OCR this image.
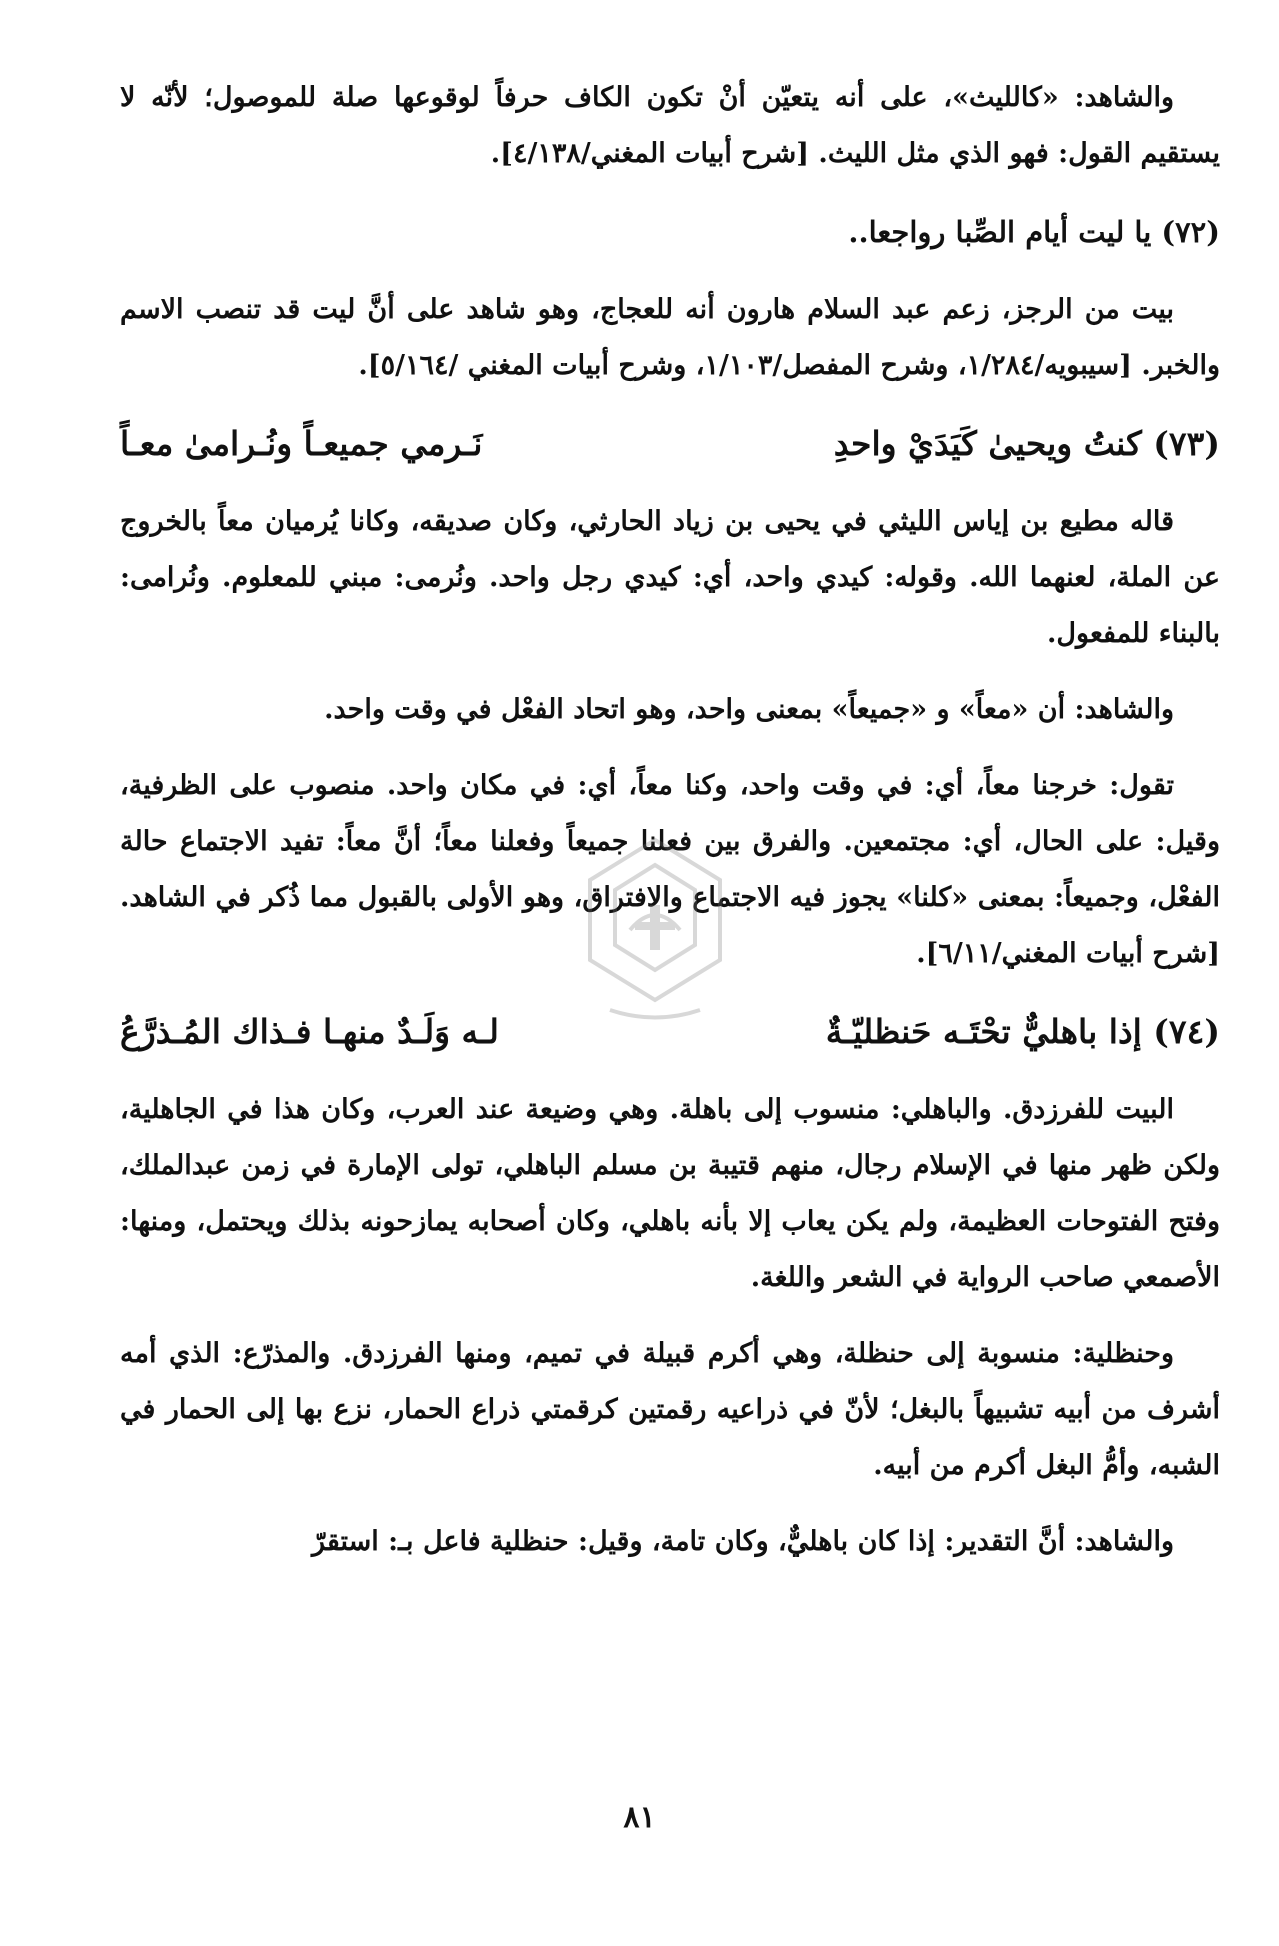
والشاهد: «كالليث»، على أنه يتعيّن أنْ تكون الكاف حرفاً لوقوعها صلة للموصول؛ لأنّه لا يستقيم القول: فهو الذي مثل الليث. [شرح أبيات المغني/٤/١٣٨].

(٧٢) يا ليت أيام الصِّبا رواجعا..

بيت من الرجز، زعم عبد السلام هارون أنه للعجاج، وهو شاهد على أنَّ ليت قد تنصب الاسم والخبر. [سيبويه/١/٢٨٤، وشرح المفصل/١/١٠٣، وشرح أبيات المغني /٥/١٦٤].

(٧٣) كنتُ ويحيىٰ كَيَدَيْ واحدِ
نَـرمي جميعـاً ونُـرامىٰ معـاً

قاله مطيع بن إياس الليثي في يحيى بن زياد الحارثي، وكان صديقه، وكانا يُرميان معاً بالخروج عن الملة، لعنهما الله. وقوله: كيدي واحد، أي: كيدي رجل واحد. ونُرمى: مبني للمعلوم. ونُرامى: بالبناء للمفعول.

والشاهد: أن «معاً» و «جميعاً» بمعنى واحد، وهو اتحاد الفعْل في وقت واحد.

تقول: خرجنا معاً، أي: في وقت واحد، وكنا معاً، أي: في مكان واحد. منصوب على الظرفية، وقيل: على الحال، أي: مجتمعين. والفرق بين فعلنا جميعاً وفعلنا معاً؛ أنَّ معاً: تفيد الاجتماع حالة الفعْل، وجميعاً: بمعنى «كلنا» يجوز فيه الاجتماع والافتراق، وهو الأولى بالقبول مما ذُكر في الشاهد. [شرح أبيات المغني/٦/١١].

(٧٤) إذا باهليٌّ تحْتَـه حَنظليّـةٌ
لـه وَلَـدٌ منهـا فـذاك المُـذرَّعُ

البيت للفرزدق. والباهلي: منسوب إلى باهلة. وهي وضيعة عند العرب، وكان هذا في الجاهلية، ولكن ظهر منها في الإسلام رجال، منهم قتيبة بن مسلم الباهلي، تولى الإمارة في زمن عبدالملك، وفتح الفتوحات العظيمة، ولم يكن يعاب إلا بأنه باهلي، وكان أصحابه يمازحونه بذلك ويحتمل، ومنها: الأصمعي صاحب الرواية في الشعر واللغة.

وحنظلية: منسوبة إلى حنظلة، وهي أكرم قبيلة في تميم، ومنها الفرزدق. والمذرّع: الذي أمه أشرف من أبيه تشبيهاً بالبغل؛ لأنّ في ذراعيه رقمتين كرقمتي ذراع الحمار، نزع بها إلى الحمار في الشبه، وأمُّ البغل أكرم من أبيه.

والشاهد: أنَّ التقدير: إذا كان باهليٌّ، وكان تامة، وقيل: حنظلية فاعل بـ: استقرّ

٨١
